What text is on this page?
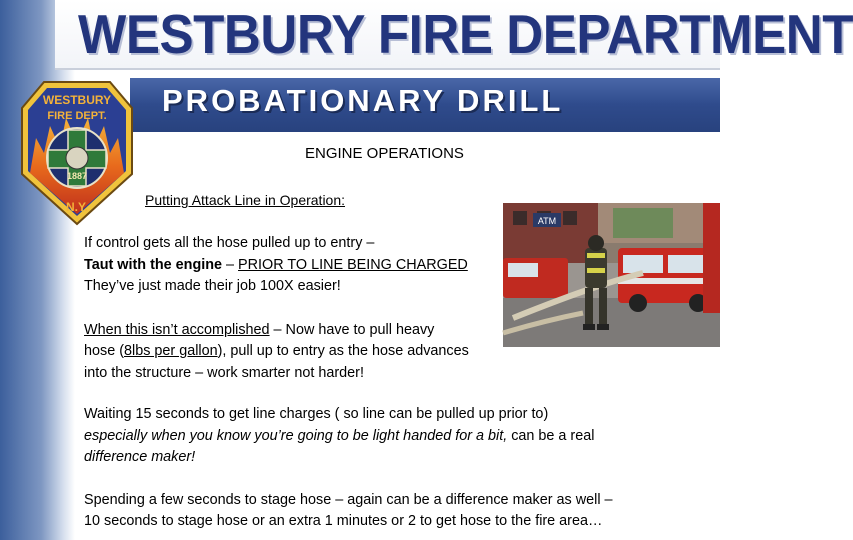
WESTBURY FIRE DEPARTMENT
PROBATIONARY DRILL
WESTBURY
FIRE DEPT.
1887
N.Y.
ENGINE OPERATIONS
Putting Attack Line in Operation:
ATM

If control gets all the hose pulled up to entry –
Taut with the engine – PRIOR TO LINE BEING CHARGED
They’ve just made their job 100X easier!

When this isn’t accomplished – Now have to pull heavy
hose (8lbs per gallon), pull up to entry as the hose advances
into the structure – work smarter not harder!

Waiting 15 seconds to get line charges ( so line can be pulled up prior to)
especially when you know you’re going to be light handed for a bit, can be a real
difference maker!

Spending a few seconds to stage hose – again can be a difference maker as well –
10 seconds to stage hose or an extra 1 minutes or 2 to get hose to the fire area…
